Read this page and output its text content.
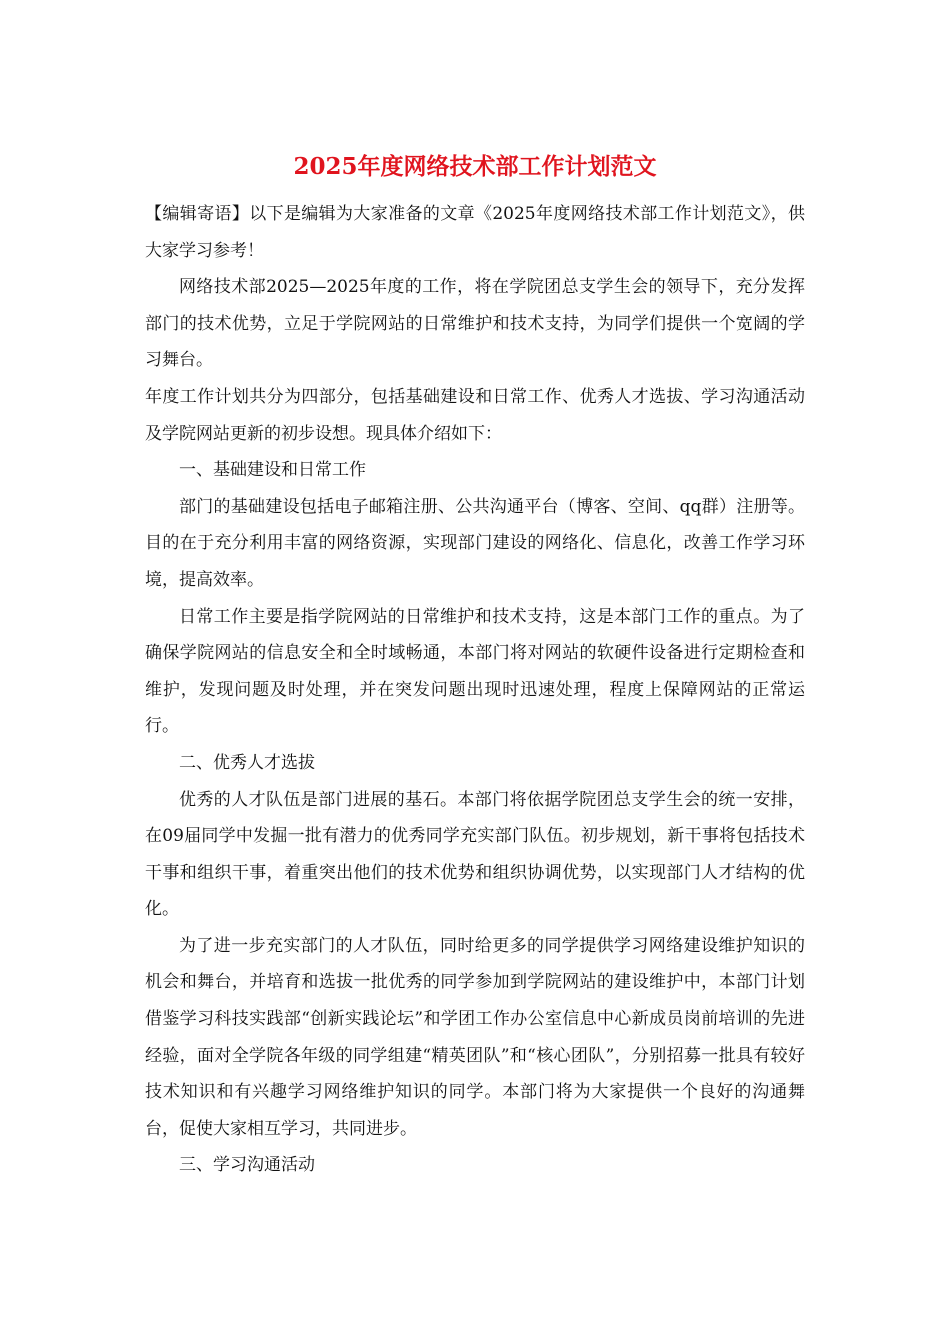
2025年度网络技术部工作计划范文

【编辑寄语】以下是编辑为大家准备的文章《2025年度网络技术部工作计划范文》，供大家学习参考！

网络技术部2025—2025年度的工作，将在学院团总支学生会的领导下，充分发挥部门的技术优势，立足于学院网站的日常维护和技术支持，为同学们提供一个宽阔的学习舞台。

年度工作计划共分为四部分，包括基础建设和日常工作、优秀人才选拔、学习沟通活动及学院网站更新的初步设想。现具体介绍如下：

一、基础建设和日常工作

部门的基础建设包括电子邮箱注册、公共沟通平台（博客、空间、qq群）注册等。目的在于充分利用丰富的网络资源，实现部门建设的网络化、信息化，改善工作学习环境，提高效率。

日常工作主要是指学院网站的日常维护和技术支持，这是本部门工作的重点。为了确保学院网站的信息安全和全时域畅通，本部门将对网站的软硬件设备进行定期检查和维护，发现问题及时处理，并在突发问题出现时迅速处理，程度上保障网站的正常运行。

二、优秀人才选拔

优秀的人才队伍是部门进展的基石。本部门将依据学院团总支学生会的统一安排，在09届同学中发掘一批有潜力的优秀同学充实部门队伍。初步规划，新干事将包括技术干事和组织干事，着重突出他们的技术优势和组织协调优势，以实现部门人才结构的优化。

为了进一步充实部门的人才队伍，同时给更多的同学提供学习网络建设维护知识的机会和舞台，并培育和选拔一批优秀的同学参加到学院网站的建设维护中，本部门计划借鉴学习科技实践部“创新实践论坛”和学团工作办公室信息中心新成员岗前培训的先进经验，面对全学院各年级的同学组建“精英团队”和“核心团队”，分别招募一批具有较好技术知识和有兴趣学习网络维护知识的同学。本部门将为大家提供一个良好的沟通舞台，促使大家相互学习，共同进步。

三、学习沟通活动
